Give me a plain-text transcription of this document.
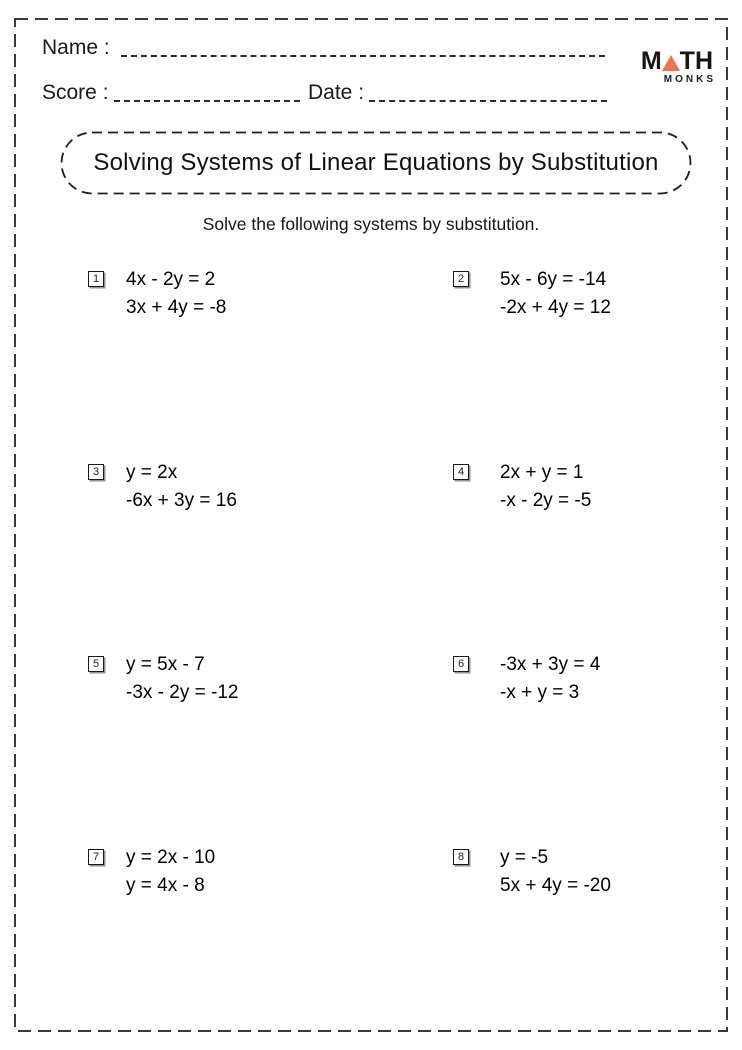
Name :
Score :	Date :
M TH
MONKS
Solving Systems of Linear Equations by Substitution
Solve the following systems by substitution.
1 4x - 2y = 2
3x + 4y = -8
2 5x - 6y = -14
-2x + 4y = 12
3 y = 2x
-6x + 3y = 16
4 2x + y = 1
-x - 2y = -5
5 y = 5x - 7
-3x - 2y = -12
6 -3x + 3y = 4
-x + y = 3
7 y = 2x - 10
y = 4x - 8
8 y = -5
5x + 4y = -20
